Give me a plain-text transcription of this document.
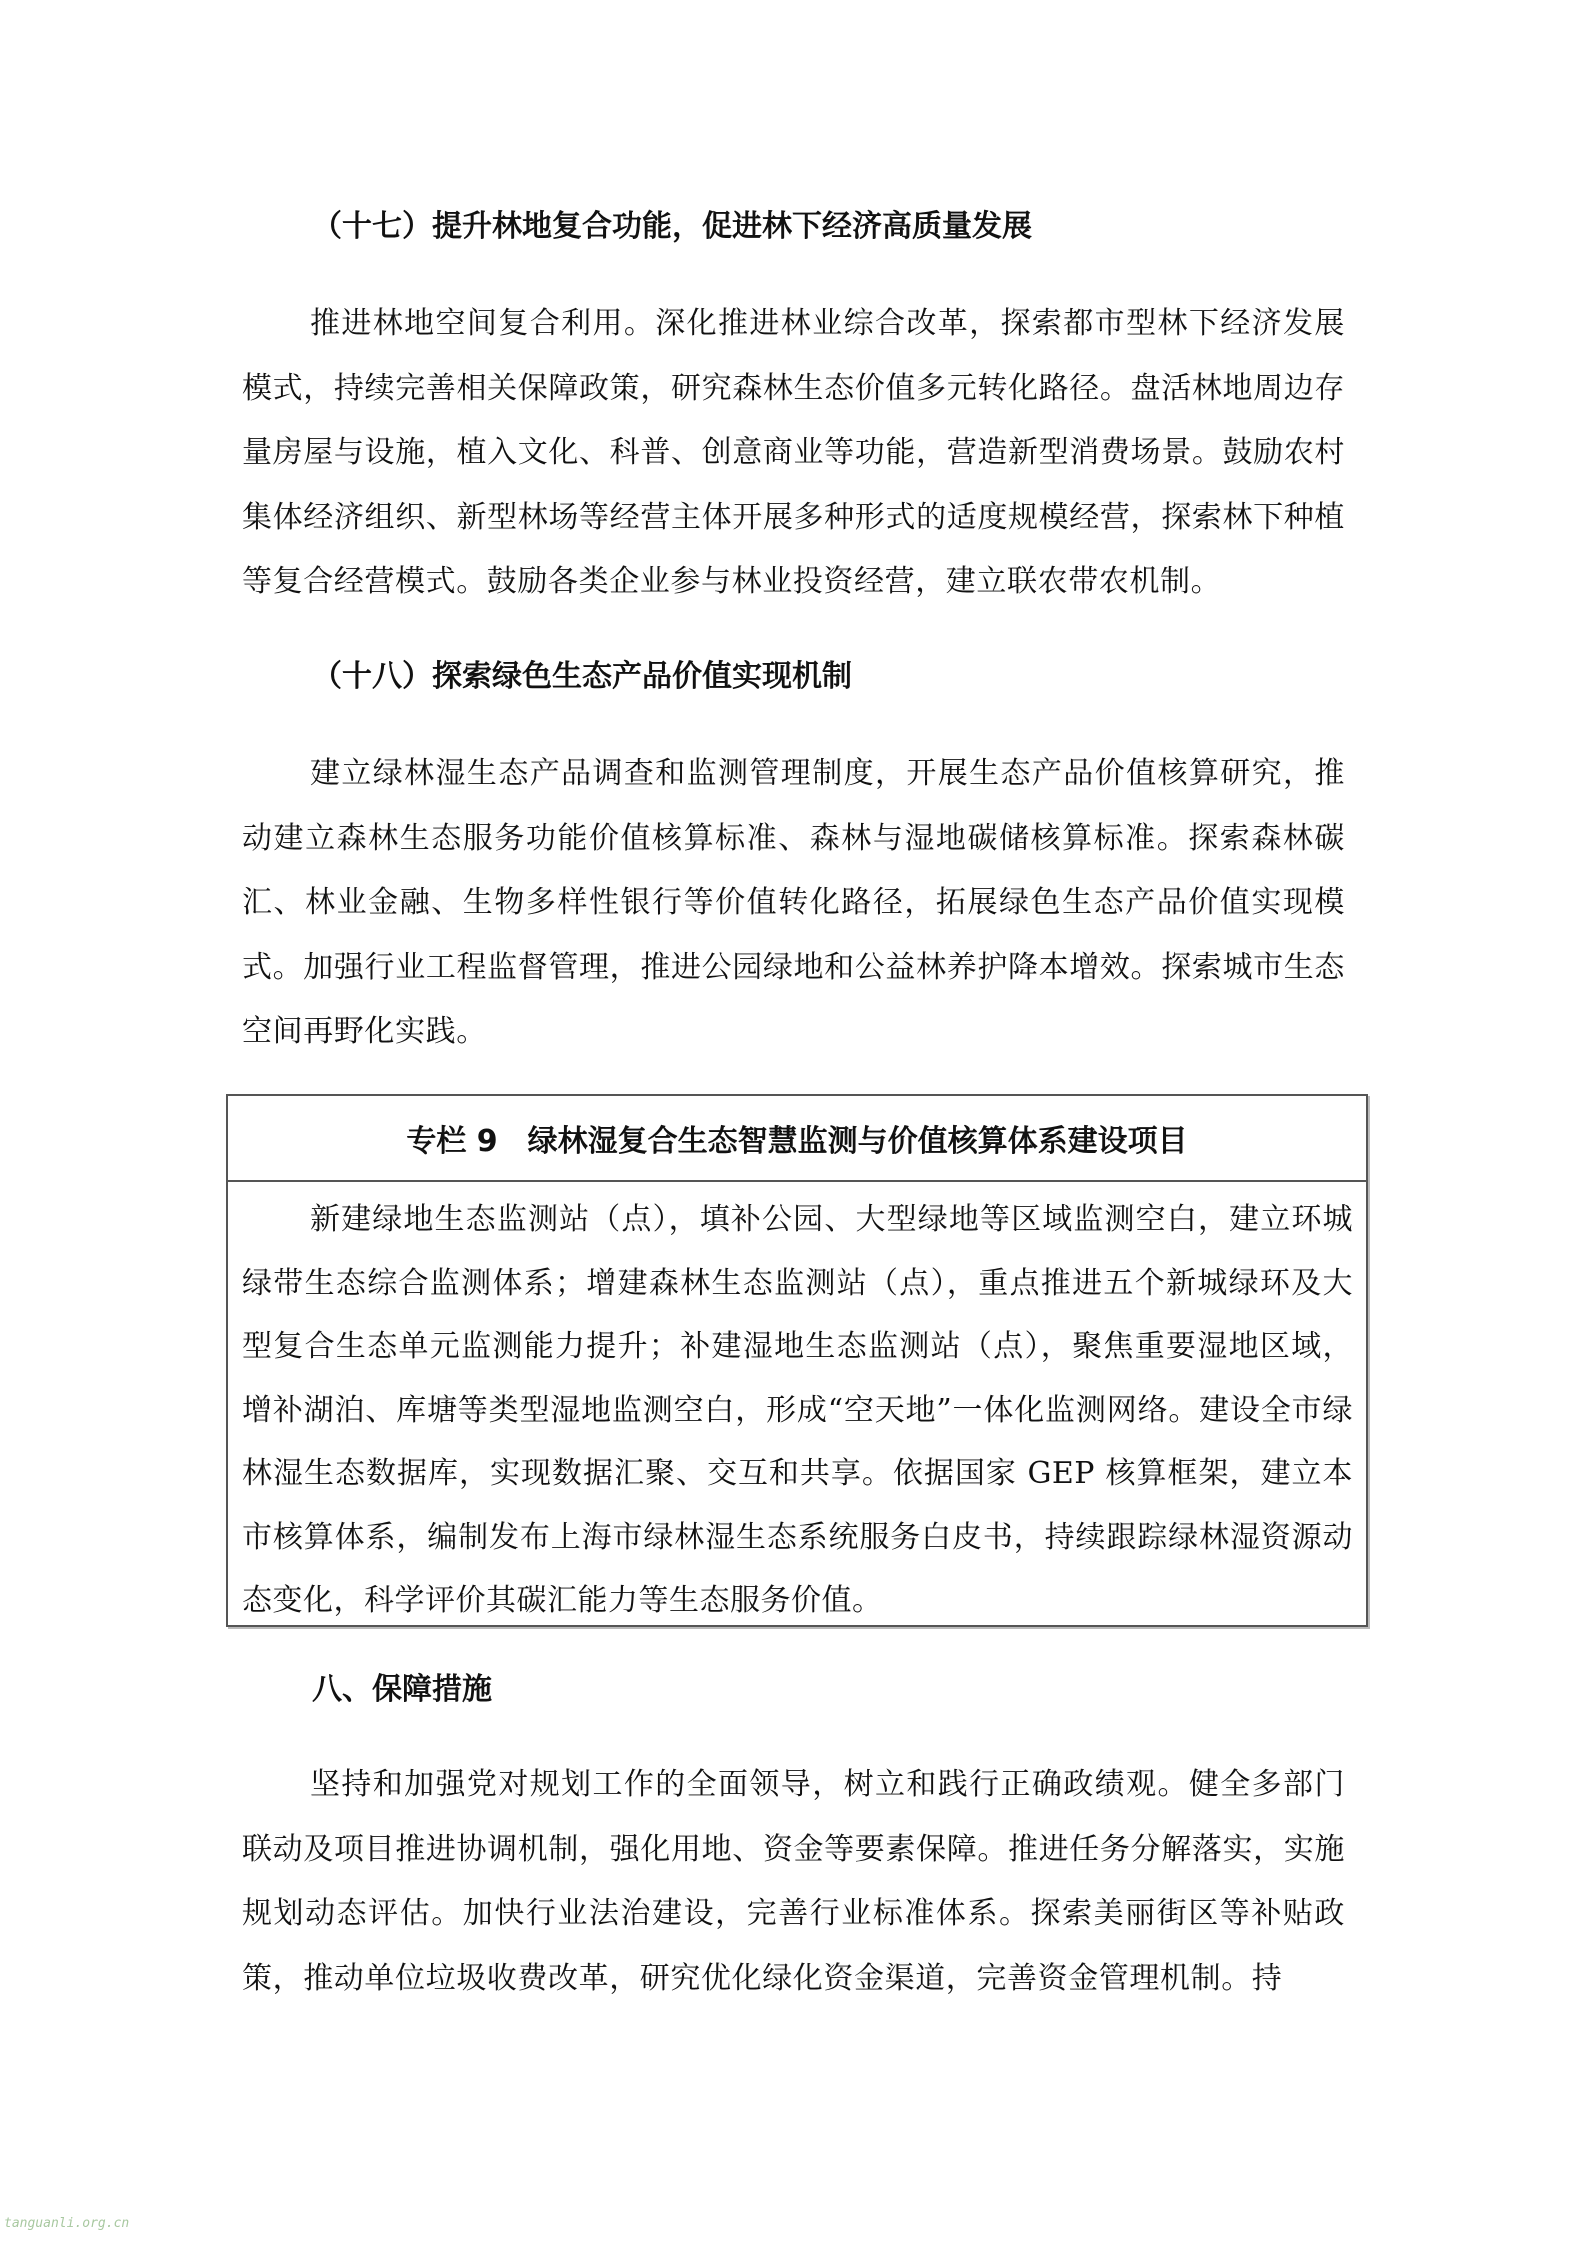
（十七）提升林地复合功能，促进林下经济高质量发展
推进林地空间复合利用。深化推进林业综合改革，探索都市型林下经济发展模式，持续完善相关保障政策，研究森林生态价值多元转化路径。盘活林地周边存量房屋与设施，植入文化、科普、创意商业等功能，营造新型消费场景。鼓励农村集体经济组织、新型林场等经营主体开展多种形式的适度规模经营，探索林下种植等复合经营模式。鼓励各类企业参与林业投资经营，建立联农带农机制。
（十八）探索绿色生态产品价值实现机制
建立绿林湿生态产品调查和监测管理制度，开展生态产品价值核算研究，推动建立森林生态服务功能价值核算标准、森林与湿地碳储核算标准。探索森林碳汇、林业金融、生物多样性银行等价值转化路径，拓展绿色生态产品价值实现模式。加强行业工程监督管理，推进公园绿地和公益林养护降本增效。探索城市生态空间再野化实践。
专栏 9　绿林湿复合生态智慧监测与价值核算体系建设项目
新建绿地生态监测站（点），填补公园、大型绿地等区域监测空白，建立环城绿带生态综合监测体系；增建森林生态监测站（点），重点推进五个新城绿环及大型复合生态单元监测能力提升；补建湿地生态监测站（点），聚焦重要湿地区域，增补湖泊、库塘等类型湿地监测空白，形成“空天地”一体化监测网络。建设全市绿林湿生态数据库，实现数据汇聚、交互和共享。依据国家 GEP 核算框架，建立本市核算体系，编制发布上海市绿林湿生态系统服务白皮书，持续跟踪绿林湿资源动态变化，科学评价其碳汇能力等生态服务价值。
八、保障措施
坚持和加强党对规划工作的全面领导，树立和践行正确政绩观。健全多部门联动及项目推进协调机制，强化用地、资金等要素保障。推进任务分解落实，实施规划动态评估。加快行业法治建设，完善行业标准体系。探索美丽街区等补贴政策，推动单位垃圾收费改革，研究优化绿化资金渠道，完善资金管理机制。持
tanguanli.org.cn
